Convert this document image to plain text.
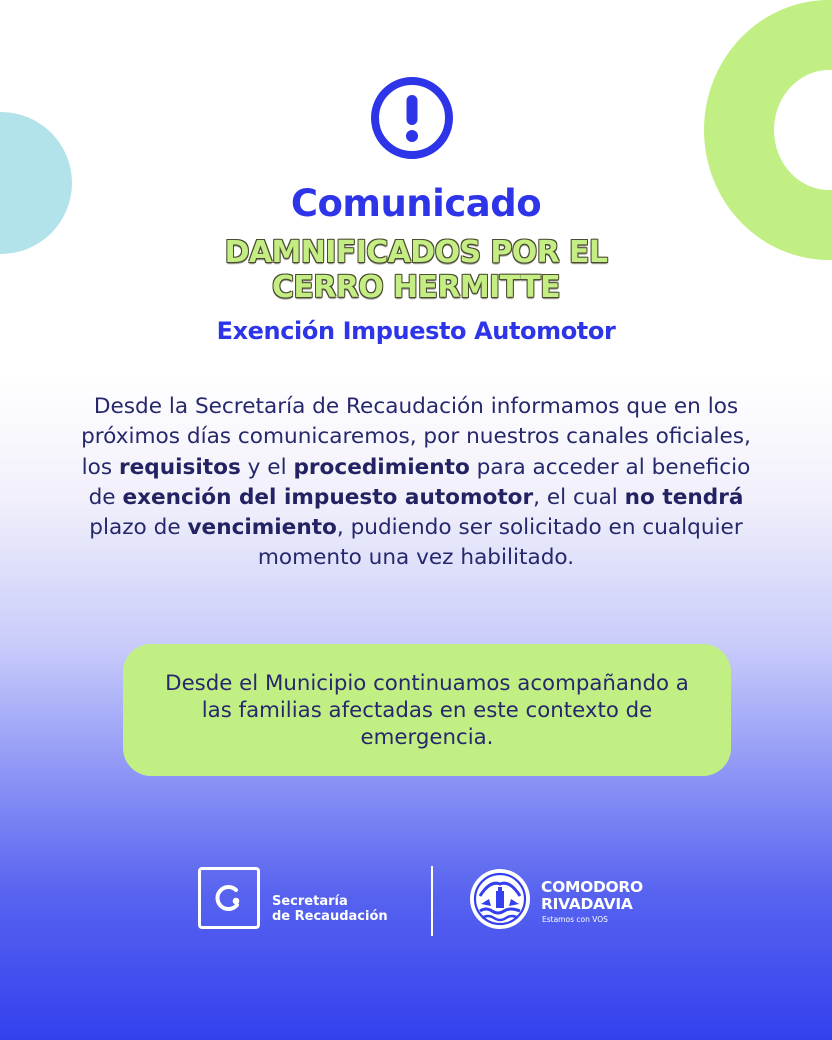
Comunicado
DAMNIFICADOS POR EL
CERRO HERMITTE
Exención Impuesto Automotor
Desde la Secretaría de Recaudación informamos que en los próximos días comunicaremos, por nuestros canales oficiales, los requisitos y el procedimiento para acceder al beneficio de exención del impuesto automotor, el cual no tendrá plazo de vencimiento, pudiendo ser solicitado en cualquier momento una vez habilitado.
Desde el Municipio continuamos acompañando a las familias afectadas en este contexto de emergencia.
Secretaría
de Recaudación
COMODORO
RIVADAVIA
Estamos con VOS
